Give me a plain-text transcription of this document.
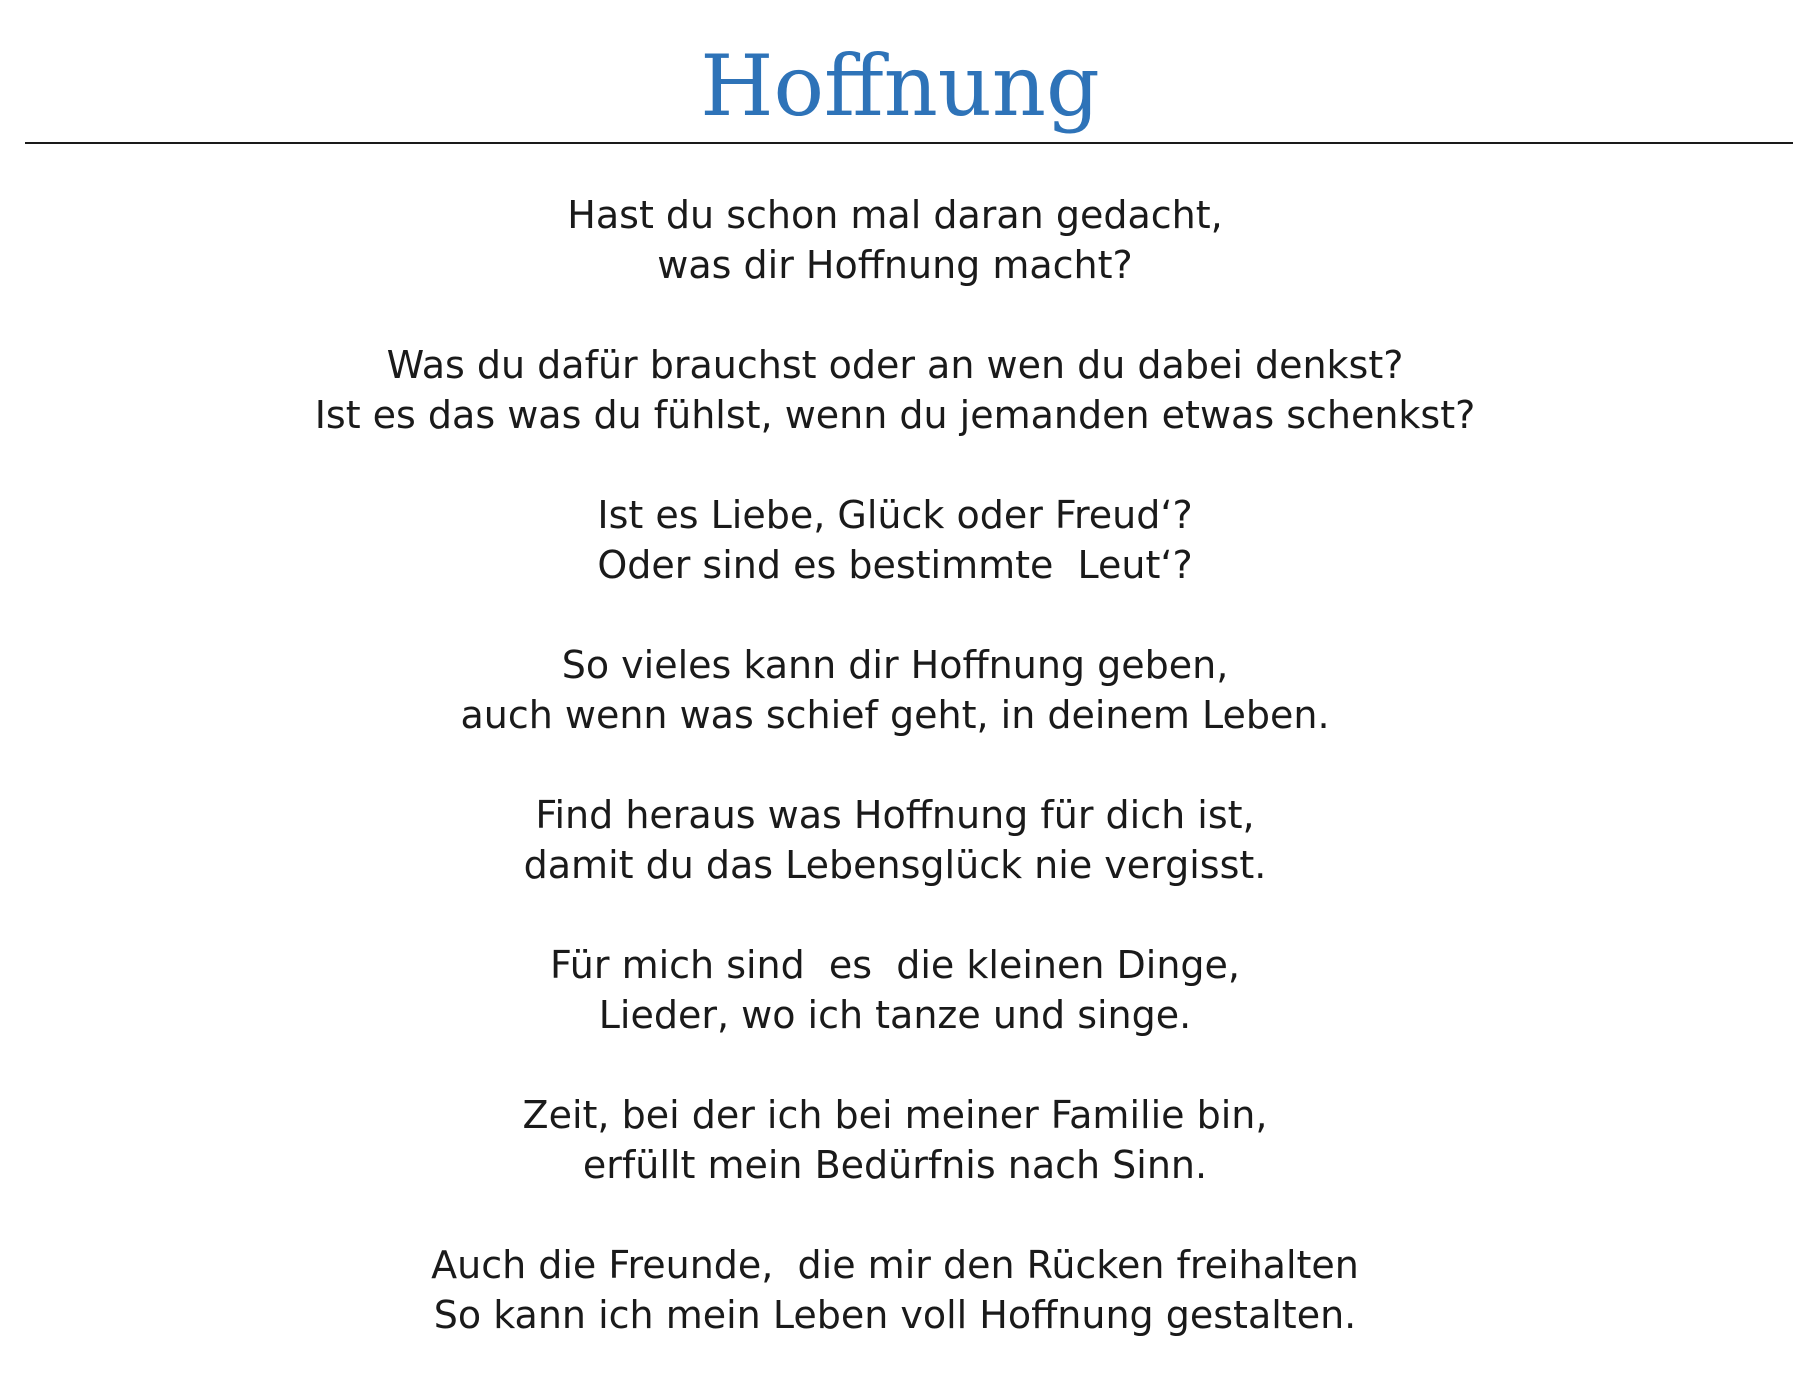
Hoffnung
Hast du schon mal daran gedacht,
was dir Hoffnung macht?
Was du dafür brauchst oder an wen du dabei denkst?
Ist es das was du fühlst, wenn du jemanden etwas schenkst?
Ist es Liebe, Glück oder Freud‘?
Oder sind es bestimmte  Leut‘?
So vieles kann dir Hoffnung geben,
auch wenn was schief geht, in deinem Leben.
Find heraus was Hoffnung für dich ist,
damit du das Lebensglück nie vergisst.
Für mich sind  es  die kleinen Dinge,
Lieder, wo ich tanze und singe.
Zeit, bei der ich bei meiner Familie bin,
erfüllt mein Bedürfnis nach Sinn.
Auch die Freunde,  die mir den Rücken freihalten
So kann ich mein Leben voll Hoffnung gestalten.
